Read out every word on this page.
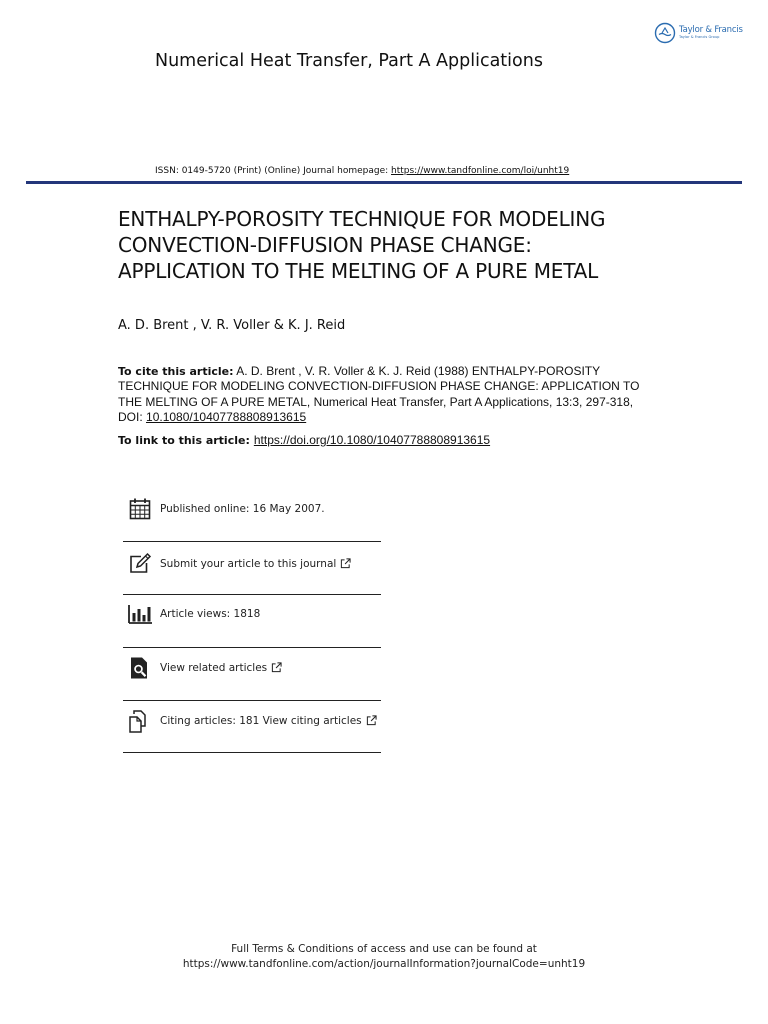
Taylor & Francis
Taylor & Francis Group
Numerical Heat Transfer, Part A Applications
ISSN: 0149-5720 (Print) (Online) Journal homepage: https://www.tandfonline.com/loi/unht19
ENTHALPY-POROSITY TECHNIQUE FOR MODELING
CONVECTION-DIFFUSION PHASE CHANGE:
APPLICATION TO THE MELTING OF A PURE METAL
A. D. Brent , V. R. Voller & K. J. Reid
To cite this article: A. D. Brent , V. R. Voller & K. J. Reid (1988) ENTHALPY-POROSITY
TECHNIQUE FOR MODELING CONVECTION-DIFFUSION PHASE CHANGE: APPLICATION TO
THE MELTING OF A PURE METAL, Numerical Heat Transfer, Part A Applications, 13:3, 297-318,
DOI: 10.1080/10407788808913615
To link to this article: https://doi.org/10.1080/10407788808913615
Published online: 16 May 2007.
Submit your article to this journal
Article views: 1818
View related articles
Citing articles: 181 View citing articles
Full Terms & Conditions of access and use can be found at
https://www.tandfonline.com/action/journalInformation?journalCode=unht19
